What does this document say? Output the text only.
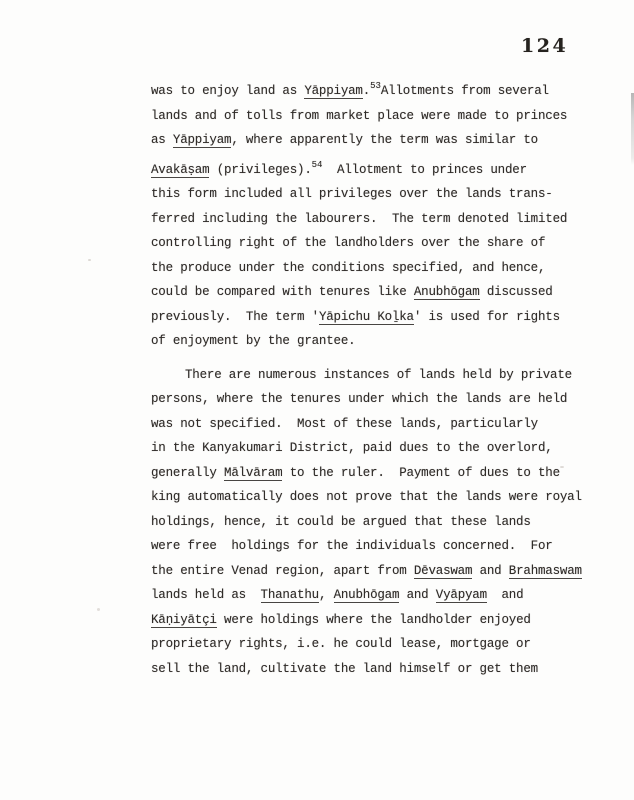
124
was to enjoy land as Yāppiyam.$^{53}$Allotments from several
lands and of tolls from market place were made to princes
as Yāppiyam, where apparently the term was similar to
Avakāṣam (privileges).$^{54}$  Allotment to princes under
this form included all privileges over the lands trans-
ferred including the labourers.  The term denoted limited
controlling right of the landholders over the share of
the produce under the conditions specified, and hence,
could be compared with tenures like Anubhōgam discussed
previously.  The term 'Yāpichu Koḻka' is used for rights
of enjoyment by the grantee.
There are numerous instances of lands held by private
persons, where the tenures under which the lands are held
was not specified.  Most of these lands, particularly
in the Kanyakumari District, paid dues to the overlord,
generally Mālvāram to the ruler.  Payment of dues to the
king automatically does not prove that the lands were royal
holdings, hence, it could be argued that these lands
were free  holdings for the individuals concerned.  For
the entire Venad region, apart from Dēvaswam and Brahmaswam
lands held as  Thanathu, Anubhōgam and Vyāpyam  and
Kāṇiyātçi were holdings where the landholder enjoyed
proprietary rights, i.e. he could lease, mortgage or
sell the land, cultivate the land himself or get them
